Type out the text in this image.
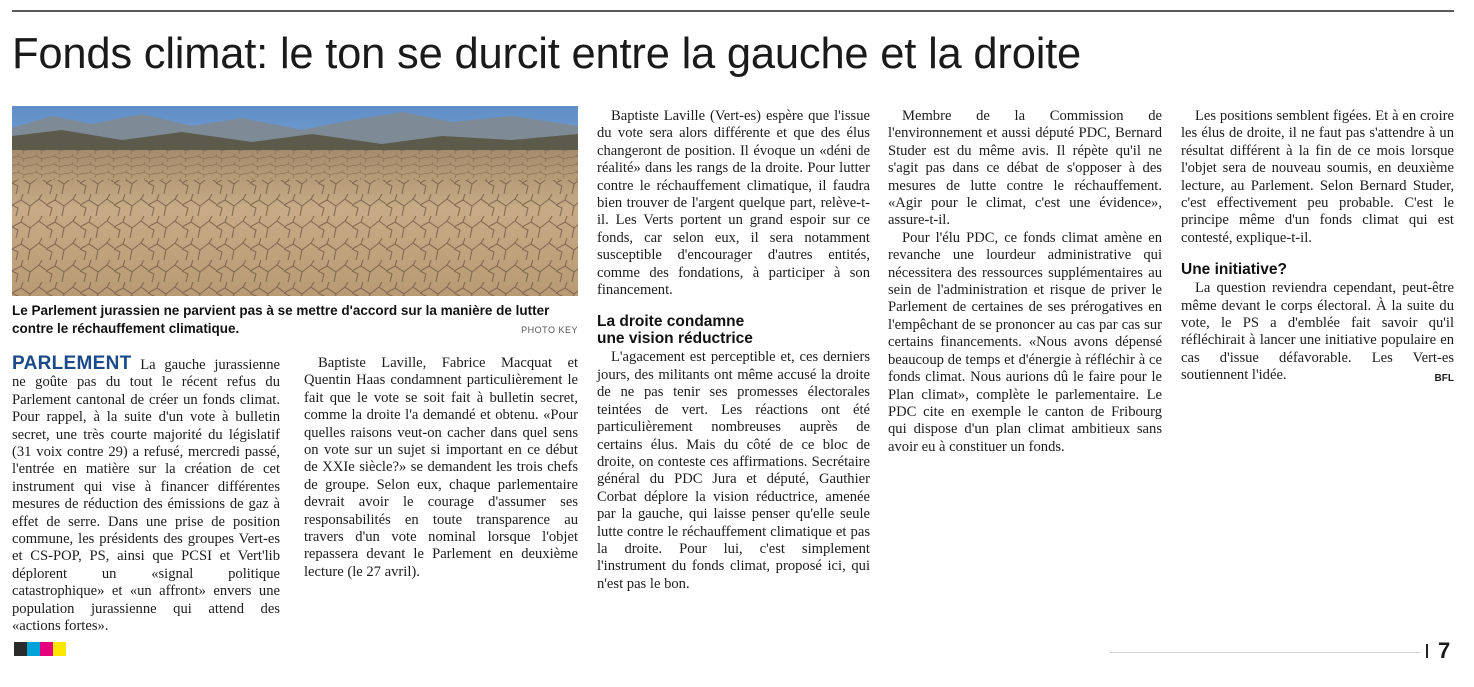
Fonds climat: le ton se durcit entre la gauche et la droite
Le Parlement jurassien ne parvient pas à se mettre d'accord sur la manière de lutter contre le réchauffement climatique.	PHOTO KEY

PARLEMENT La gauche jurassienne ne goûte pas du tout le récent refus du Parlement cantonal de créer un fonds climat. Pour rappel, à la suite d'un vote à bulletin secret, une très courte majorité du législatif (31 voix contre 29) a refusé, mercredi passé, l'entrée en matière sur la création de cet instrument qui vise à financer différentes mesures de réduction des émissions de gaz à effet de serre. Dans une prise de position commune, les présidents des groupes Vert-es et CS-POP, PS, ainsi que PCSI et Vert'lib déplorent un «signal politique catastrophique» et «un affront» envers une population jurassienne qui attend des «actions fortes».

Baptiste Laville, Fabrice Macquat et Quentin Haas condamnent particulièrement le fait que le vote se soit fait à bulletin secret, comme la droite l'a demandé et obtenu. «Pour quelles raisons veut-on cacher dans quel sens on vote sur un sujet si important en ce début de XXIe siècle?» se demandent les trois chefs de groupe. Selon eux, chaque parlementaire devrait avoir le courage d'assumer ses responsabilités en toute transparence au travers d'un vote nominal lorsque l'objet repassera devant le Parlement en deuxième lecture (le 27 avril).

Baptiste Laville (Vert-es) espère que l'issue du vote sera alors différente et que des élus changeront de position. Il évoque un «déni de réalité» dans les rangs de la droite. Pour lutter contre le réchauffement climatique, il faudra bien trouver de l'argent quelque part, relève-t-il. Les Verts portent un grand espoir sur ce fonds, car selon eux, il sera notamment susceptible d'encourager d'autres entités, comme des fondations, à participer à son financement.

La droite condamne
une vision réductrice

L'agacement est perceptible et, ces derniers jours, des militants ont même accusé la droite de ne pas tenir ses promesses électorales teintées de vert. Les réactions ont été particulièrement nombreuses auprès de certains élus. Mais du côté de ce bloc de droite, on conteste ces affirmations. Secrétaire général du PDC Jura et député, Gauthier Corbat déplore la vision réductrice, amenée par la gauche, qui laisse penser qu'elle seule lutte contre le réchauffement climatique et pas la droite. Pour lui, c'est simplement l'instrument du fonds climat, proposé ici, qui n'est pas le bon.

Membre de la Commission de l'environnement et aussi député PDC, Bernard Studer est du même avis. Il répète qu'il ne s'agit pas dans ce débat de s'opposer à des mesures de lutte contre le réchauffement. «Agir pour le climat, c'est une évidence», assure-t-il.

Pour l'élu PDC, ce fonds climat amène en revanche une lourdeur administrative qui nécessitera des ressources supplémentaires au sein de l'administration et risque de priver le Parlement de certaines de ses prérogatives en l'empêchant de se prononcer au cas par cas sur certains financements. «Nous avons dépensé beaucoup de temps et d'énergie à réfléchir à ce fonds climat. Nous aurions dû le faire pour le Plan climat», complète le parlementaire. Le PDC cite en exemple le canton de Fribourg qui dispose d'un plan climat ambitieux sans avoir eu à constituer un fonds.

Les positions semblent figées. Et à en croire les élus de droite, il ne faut pas s'attendre à un résultat différent à la fin de ce mois lorsque l'objet sera de nouveau soumis, en deuxième lecture, au Parlement. Selon Bernard Studer, c'est effectivement peu probable. C'est le principe même d'un fonds climat qui est contesté, explique-t-il.

Une initiative?

La question reviendra cependant, peut-être même devant le corps électoral. À la suite du vote, le PS a d'emblée fait savoir qu'il réfléchirait à lancer une initiative populaire en cas d'issue défavorable. Les Vert-es soutiennent l'idée.	BFL

7
